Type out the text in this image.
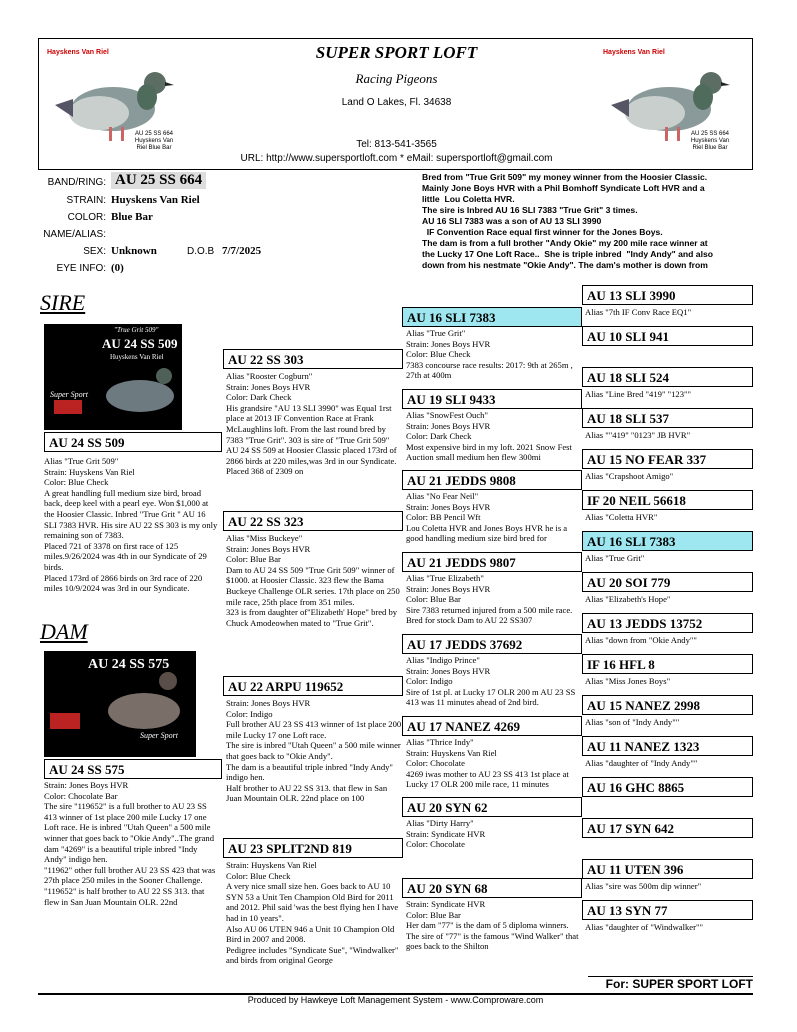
Hayskens Van Riel
AU 25 SS 664 Huyskens Van Riel Blue Bar
Hayskens Van Riel
AU 25 SS 664 Huyskens Van Riel Blue Bar
SUPER SPORT LOFT
Racing Pigeons
Land O Lakes, Fl. 34638
Tel: 813-541-3565
URL: http://www.supersportloft.com * eMail: supersportloft@gmail.com
BAND/RING: AU 25 SS 664
STRAIN: Huyskens Van Riel
COLOR: Blue Bar
NAME/ALIAS:
SEX: Unknown	D.O.B 7/7/2025
EYE INFO: (0)
Bred from "True Grit 509" my money winner from the Hoosier Classic.
Mainly Jone Boys HVR with a Phil Bomhoff Syndicate Loft HVR and a
little  Lou Coletta HVR.
The sire is Inbred AU 16 SLI 7383 "True Grit" 3 times.
AU 16 SLI 7383 was a son of AU 13 SLI 3990
IF Convention Race equal first winner for the Jones Boys.
The dam is from a full brother "Andy Okie" my 200 mile race winner at
the Lucky 17 One Loft Race..  She is triple inbred  "Indy Andy" and also
down from his nestmate "Okie Andy". The dam's mother is down from
SIRE
"True Grit 509"
AU 24 SS 509
Huyskens Van Riel
Super Sport
DAM
AU 24 SS 575
Super Sport
AU 24 SS 509
Alias "True Grit 509"
Strain: Huyskens Van Riel
Color: Blue Check
A great handling full medium size bird, broad back, deep keel with a pearl eye. Won $1,000 at the Hoosier Classic. Inbred "True Grit " AU 16 SLI 7383 HVR. His sire AU 22 SS 303 is my only remaining son of 7383.
Placed 721 of 3378 on first race of 125 miles.9/26/2024 was 4th in our Syndicate of 29 birds.
Placed 173rd of 2866 birds on 3rd race of 220 miles 10/9/2024 was 3rd in our Syndicate.
AU 24 SS 575
Strain: Jones Boys HVR
Color: Chocolate Bar
The sire "119652" is a full brother to AU 23 SS 413 winner of 1st place 200 mile Lucky 17 one Loft race. He is inbred "Utah Queen" a 500 mile winner that goes back to "Okie Andy"..The grand dam "4269" is a beautiful triple inbred "Indy Andy" indigo hen.
"11962" other full brother AU 23 SS 423 that was 27th place 250 miles in the Sooner Challenge.
"119652" is half brother to AU 22 SS 313. that flew in San Juan Mountain OLR. 22nd
AU 22 SS 303
Alias "Rooster Cogburn"
Strain: Jones Boys HVR
Color: Dark Check
His grandsire "AU 13 SLI 3990" was Equal 1rst place at 2013 IF Convention Race at Frank McLaughlins loft. From the last round bred by 7383 "True Grit". 303 is sire of "True Grit 509" AU 24 SS 509 at Hoosier Classic placed 173rd of 2866 birds at 220 miles,was 3rd in our Syndicate. Placed 368 of 2309 on
AU 22 SS 323
Alias "Miss Buckeye"
Strain: Jones Boys HVR
Color: Blue Bar
Dam to AU 24 SS 509 "True Grit 509" winner of $1000. at Hoosier Classic. 323 flew the Bama Buckeye Challenge OLR series. 17th place on 250 mile race, 25th place from 351 miles.
323 is from daughter of"Elizabeth' Hope" bred by Chuck Amodeowhen mated to "True Grit".
AU 22 ARPU 119652
Strain: Jones Boys HVR
Color: Indigo
Full brother AU 23 SS 413 winner of 1st place 200 mile Lucky 17 one Loft race.
The sire is inbred "Utah Queen" a 500 mile winner that goes back to "Okie Andy".
The dam is a beautiful triple inbred "Indy Andy" indigo hen.
Half brother to AU 22 SS 313. that flew in San Juan Mountain OLR. 22nd place on 100
AU 23 SPLIT2ND 819
Strain: Huyskens Van Riel
Color: Blue Check
A very nice small size hen. Goes back to AU 10 SYN 53 a Unit Ten Champion Old Bird for 2011 and 2012. Phil said 'was the best flying hen I have had in 10 years".
Also AU 06 UTEN 946 a Unit 10 Champion Old Bird in 2007 and 2008.
Pedigree includes "Syndicate Sue", "Windwalker" and birds from original George
AU 16 SLI 7383
Alias "True Grit"
Strain: Jones Boys HVR
Color: Blue Check
7383 concourse race results: 2017: 9th at 265m , 27th at 400m
AU 19 SLI 9433
Alias "SnowFest Ouch"
Strain: Jones Boys HVR
Color: Dark Check
Most expensive bird in my loft. 2021 Snow Fest Auction small medium hen flew 300mi
AU 21 JEDDS 9808
Alias "No Fear Neil"
Strain: Jones Boys HVR
Color: BB Pencil Wft
Lou Coletta HVR and Jones Boys HVR he is a good handling medium size bird bred for
AU 21 JEDDS 9807
Alias "True Elizabeth"
Strain: Jones Boys HVR
Color: Blue Bar
Sire 7383 returned injured from a 500 mile race. Bred for stock Dam to AU 22 SS307
AU 17 JEDDS 37692
Alias "Indigo Prince"
Strain: Jones Boys HVR
Color: Indigo
Sire of 1st pl. at Lucky 17 OLR 200 m AU 23 SS 413 was 11 minutes ahead of 2nd bird.
AU 17 NANEZ 4269
Alias "Thrice Indy"
Strain: Huyskens Van Riel
Color: Chocolate
4269 iwas mother to AU 23 SS 413 1st place at Lucky 17 OLR 200 mile race, 11 minutes
AU 20 SYN 62
Alias "Dirty Harry"
Strain: Syndicate HVR
Color: Chocolate
AU 20 SYN 68
Strain: Syndicate HVR
Color: Blue Bar
Her dam "77" is the dam of 5 diploma winners. The sire of "77" is the famous "Wind Walker" that goes back to the Shilton
AU 13 SLI 3990
Alias "7th IF Conv Race EQ1"
AU 10 SLI 941
AU 18 SLI 524
Alias "Line Bred "419" "123""
AU 18 SLI 537
Alias ""419" "0123" JB HVR"
AU 15 NO FEAR 337
Alias "Crapshoot Amigo"
IF 20 NEIL 56618
Alias "Coletta HVR"
AU 16 SLI 7383
Alias "True Grit"
AU 20 SOI 779
Alias "Elizabeth's Hope"
AU 13 JEDDS 13752
Alias "down from "Okie Andy""
IF 16 HFL 8
Alias "Miss Jones Boys"
AU 15 NANEZ 2998
Alias "son of "Indy Andy""
AU 11 NANEZ 1323
Alias "daughter of "Indy Andy""
AU 16 GHC 8865
AU 17 SYN 642
AU 11 UTEN 396
Alias "sire was 500m dip winner"
AU 13 SYN 77
Alias "daughter of "Windwalker""
For: SUPER SPORT LOFT
Produced by Hawkeye Loft Management System - www.Comproware.com
